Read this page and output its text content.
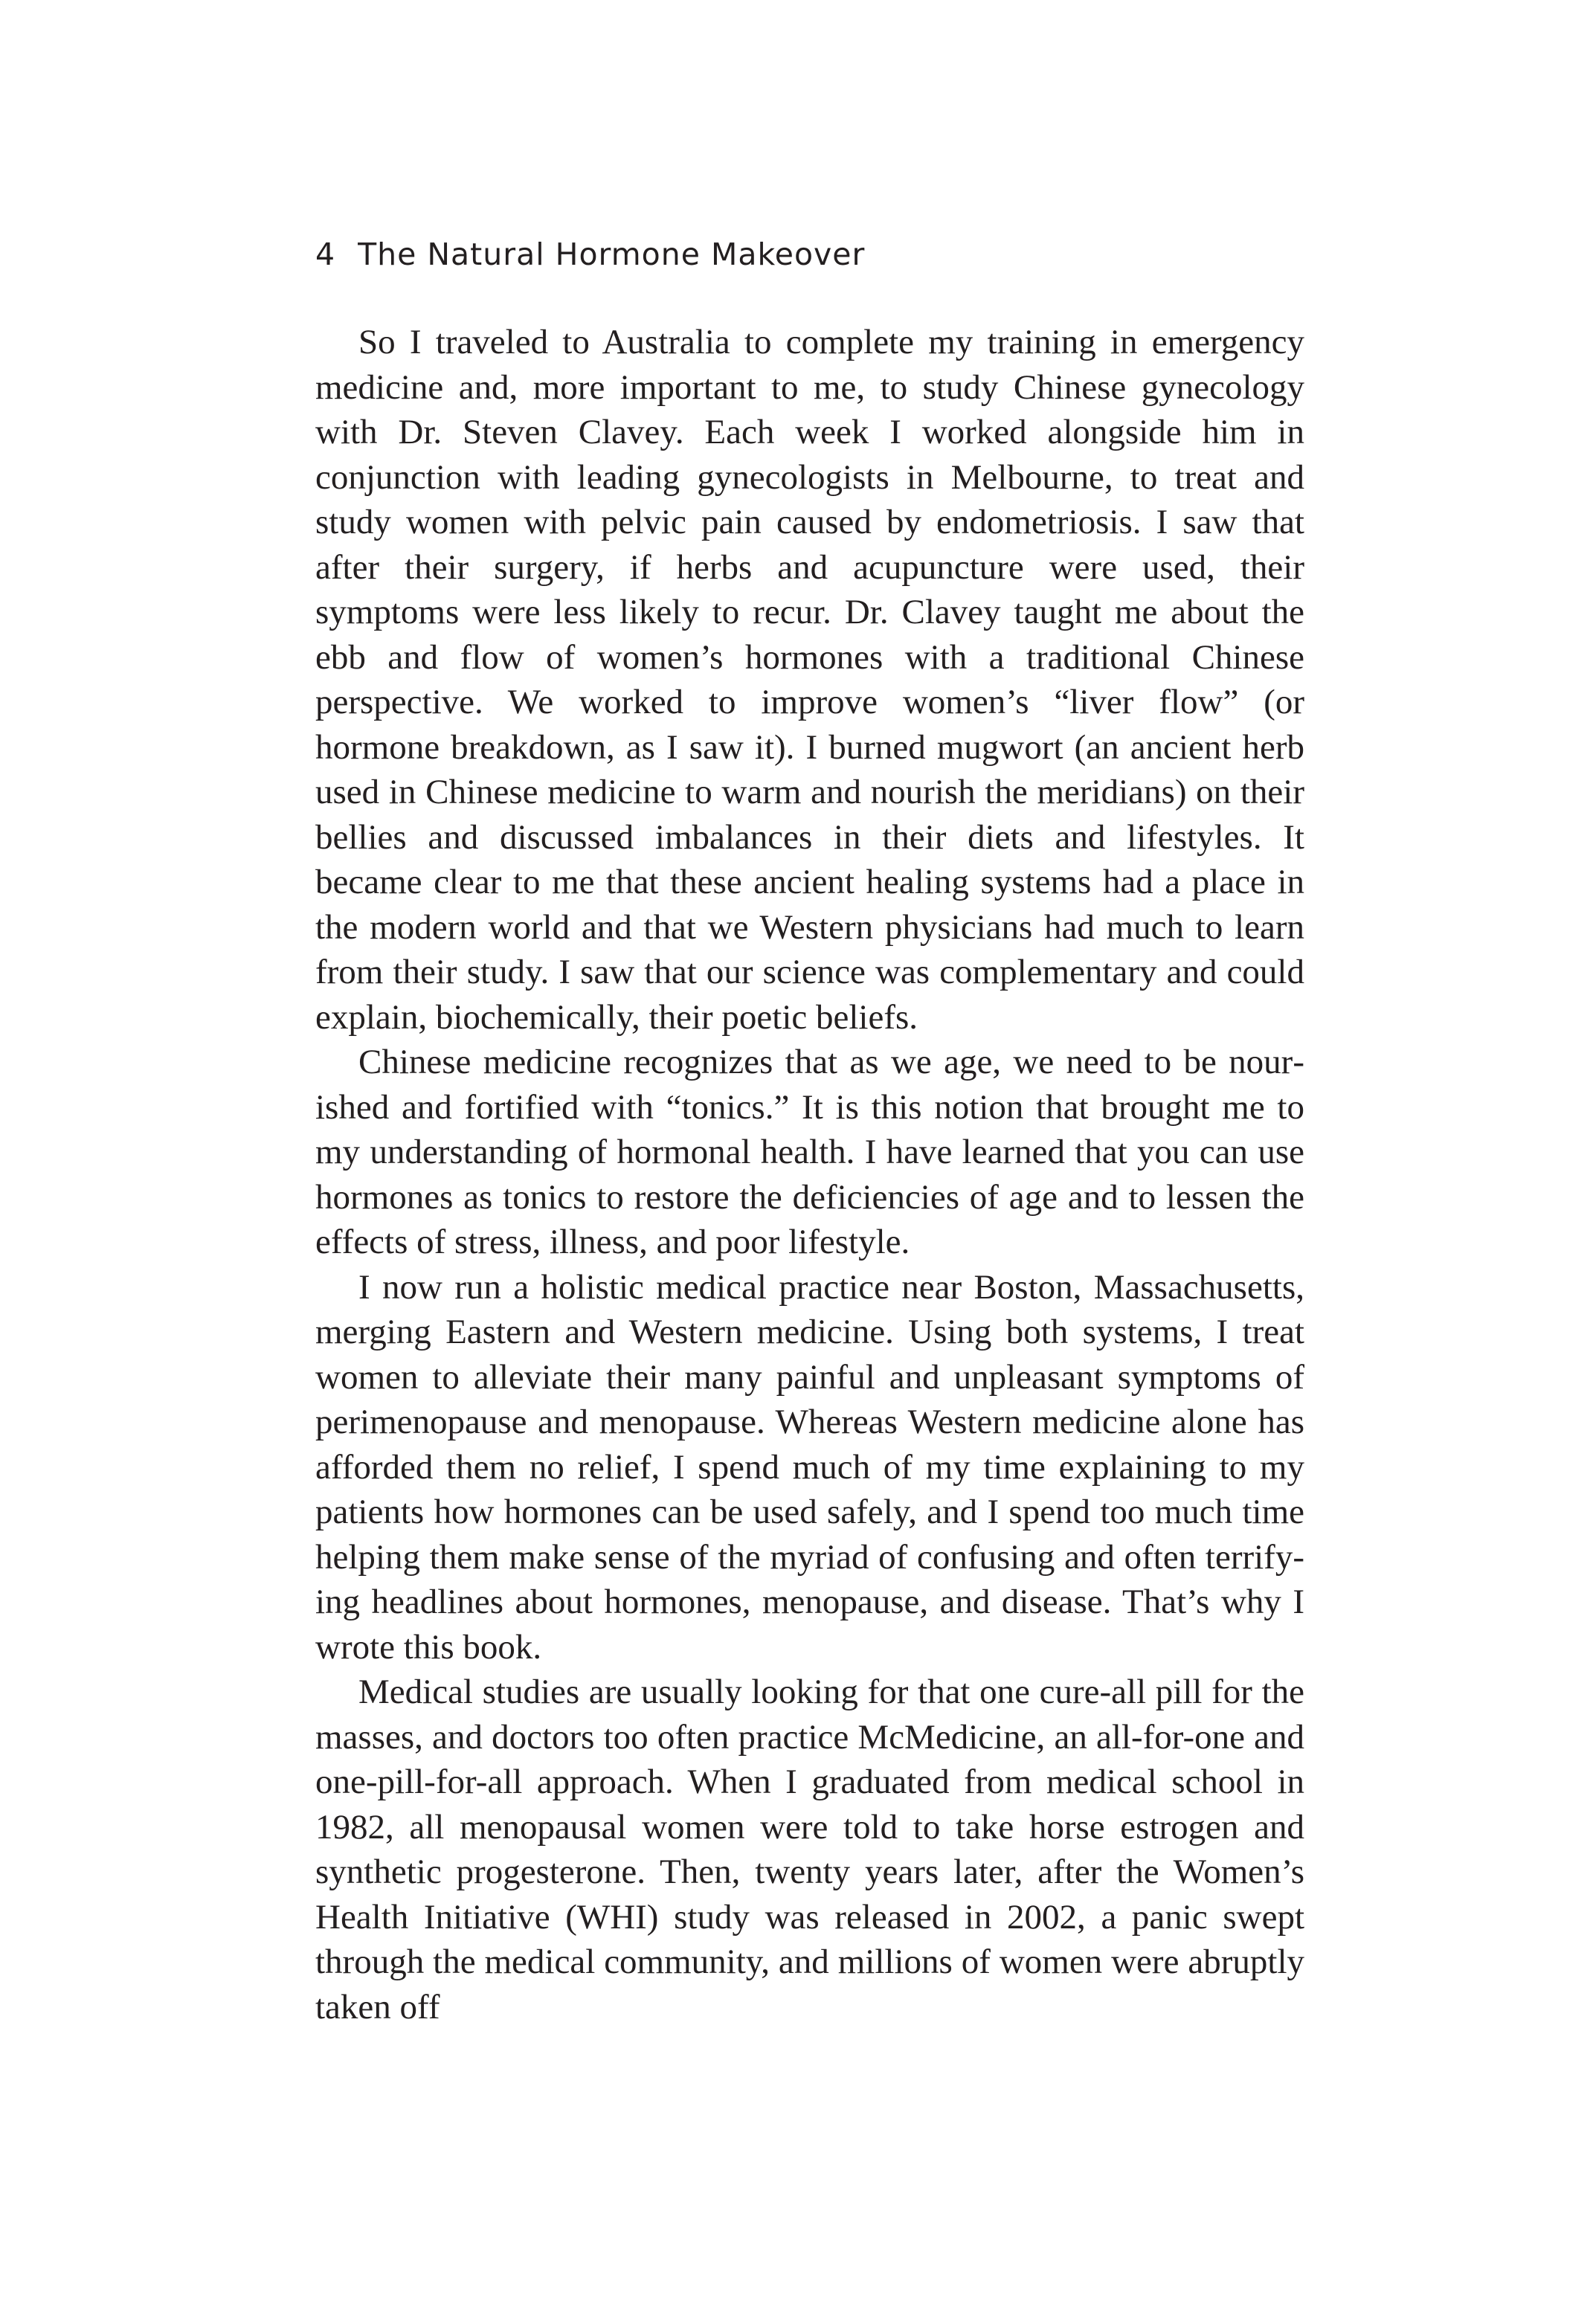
4 The Natural Hormone Makeover

So I traveled to Australia to complete my training in emergency medicine and, more important to me, to study Chinese gynecology with Dr. Steven Clavey. Each week I worked alongside him in conjunction with leading gynecologists in Melbourne, to treat and study women with pelvic pain caused by endometriosis. I saw that after their surgery, if herbs and acupuncture were used, their symptoms were less likely to recur. Dr. Clavey taught me about the ebb and flow of women’s hormones with a traditional Chinese perspective. We worked to improve women’s “liver flow” (or hormone breakdown, as I saw it). I burned mugwort (an ancient herb used in Chinese medicine to warm and nourish the meridians) on their bellies and discussed imbalances in their diets and lifestyles. It became clear to me that these ancient healing systems had a place in the modern world and that we Western physicians had much to learn from their study. I saw that our science was complementary and could explain, biochemically, their poetic beliefs.

Chinese medicine recognizes that as we age, we need to be nourished and fortified with “tonics.” It is this notion that brought me to my understanding of hormonal health. I have learned that you can use hormones as tonics to restore the deficiencies of age and to lessen the effects of stress, illness, and poor lifestyle.

I now run a holistic medical practice near Boston, Massachusetts, merging Eastern and Western medicine. Using both systems, I treat women to alleviate their many painful and unpleasant symptoms of perimenopause and menopause. Whereas Western medicine alone has afforded them no relief, I spend much of my time explaining to my patients how hormones can be used safely, and I spend too much time helping them make sense of the myriad of confusing and often terrifying headlines about hormones, menopause, and disease. That’s why I wrote this book.

Medical studies are usually looking for that one cure-all pill for the masses, and doctors too often practice McMedicine, an all-for-one and one-pill-for-all approach. When I graduated from medical school in 1982, all menopausal women were told to take horse estrogen and synthetic progesterone. Then, twenty years later, after the Women’s Health Initiative (WHI) study was released in 2002, a panic swept through the medical community, and millions of women were abruptly taken off
